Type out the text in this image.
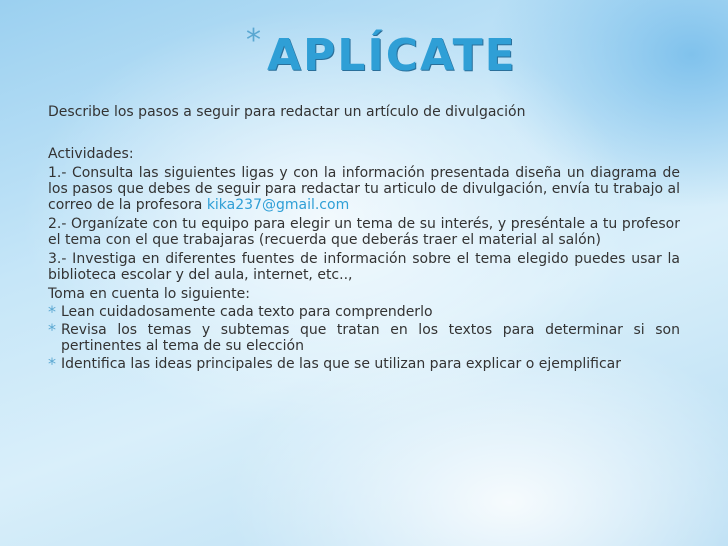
* APLÍCATE

Describe los pasos a seguir para redactar un artículo de divulgación

Actividades:

1.- Consulta las siguientes ligas y con la información presentada diseña un diagrama de los pasos que debes de seguir para redactar tu articulo de divulgación, envía tu trabajo al correo de la profesora kika237@gmail.com

2.- Organízate con tu equipo para elegir un tema de su interés, y preséntale a tu profesor el tema con el que trabajaras (recuerda que deberás traer el material al salón)

3.- Investiga en diferentes fuentes de información sobre el tema elegido puedes usar la biblioteca escolar y del aula, internet, etc..,

Toma en cuenta lo siguiente:

* Lean cuidadosamente cada texto para comprenderlo
* Revisa los temas y subtemas que tratan en los textos para determinar si son pertinentes al tema de su elección
* Identifica las ideas principales de las que se utilizan para explicar o ejemplificar
